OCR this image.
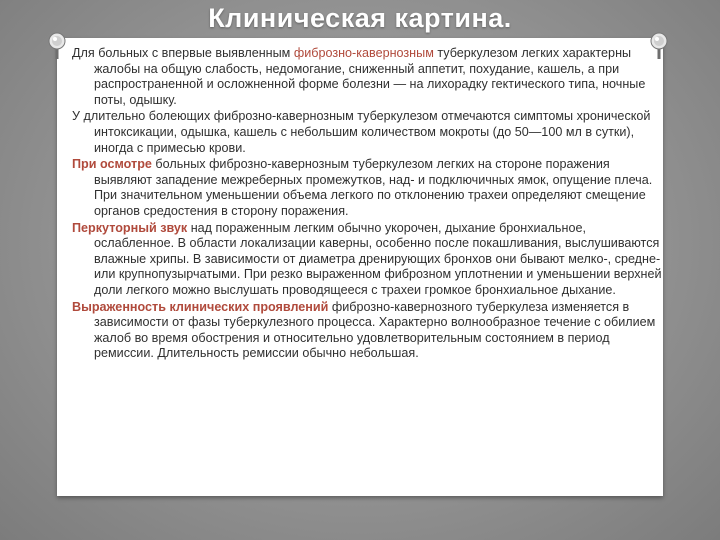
Клиническая картина.

Для больных с впервые выявленным фиброзно-кавернозным туберкулезом легких характерны жалобы на общую слабость, недомогание, сниженный аппетит, похудание, кашель, а при распространенной и осложненной форме болезни — на лихорадку гектического типа, ночные поты, одышку.

У длительно болеющих фиброзно-кавернозным туберкулезом отмечаются симптомы хронической интоксикации, одышка, кашель с небольшим количеством мокроты (до 50—100 мл в сутки), иногда с примесью крови.

При осмотре больных фиброзно-кавернозным туберкулезом легких на стороне поражения выявляют западение межреберных промежутков, над- и подключичных ямок, опущение плеча. При значительном уменьшении объема легкого по отклонению трахеи определяют смещение органов средостения в сторону поражения.

Перкуторный звук над пораженным легким обычно укорочен, дыхание бронхиальное, ослабленное. В области локализации каверны, особенно после покашливания, выслушиваются влажные хрипы. В зависимости от диаметра дренирующих бронхов они бывают мелко-, средне- или крупнопузырчатыми. При резко выраженном фиброзном уплотнении и уменьшении верхней доли легкого можно выслушать проводящееся с трахеи громкое бронхиальное дыхание.

Выраженность клинических проявлений фиброзно-кавернозного туберкулеза изменяется в зависимости от фазы туберкулезного процесса. Характерно волнообразное течение с обилием жалоб во время обострения и относительно удовлетворительным состоянием в период ремиссии. Длительность ремиссии обычно небольшая.
